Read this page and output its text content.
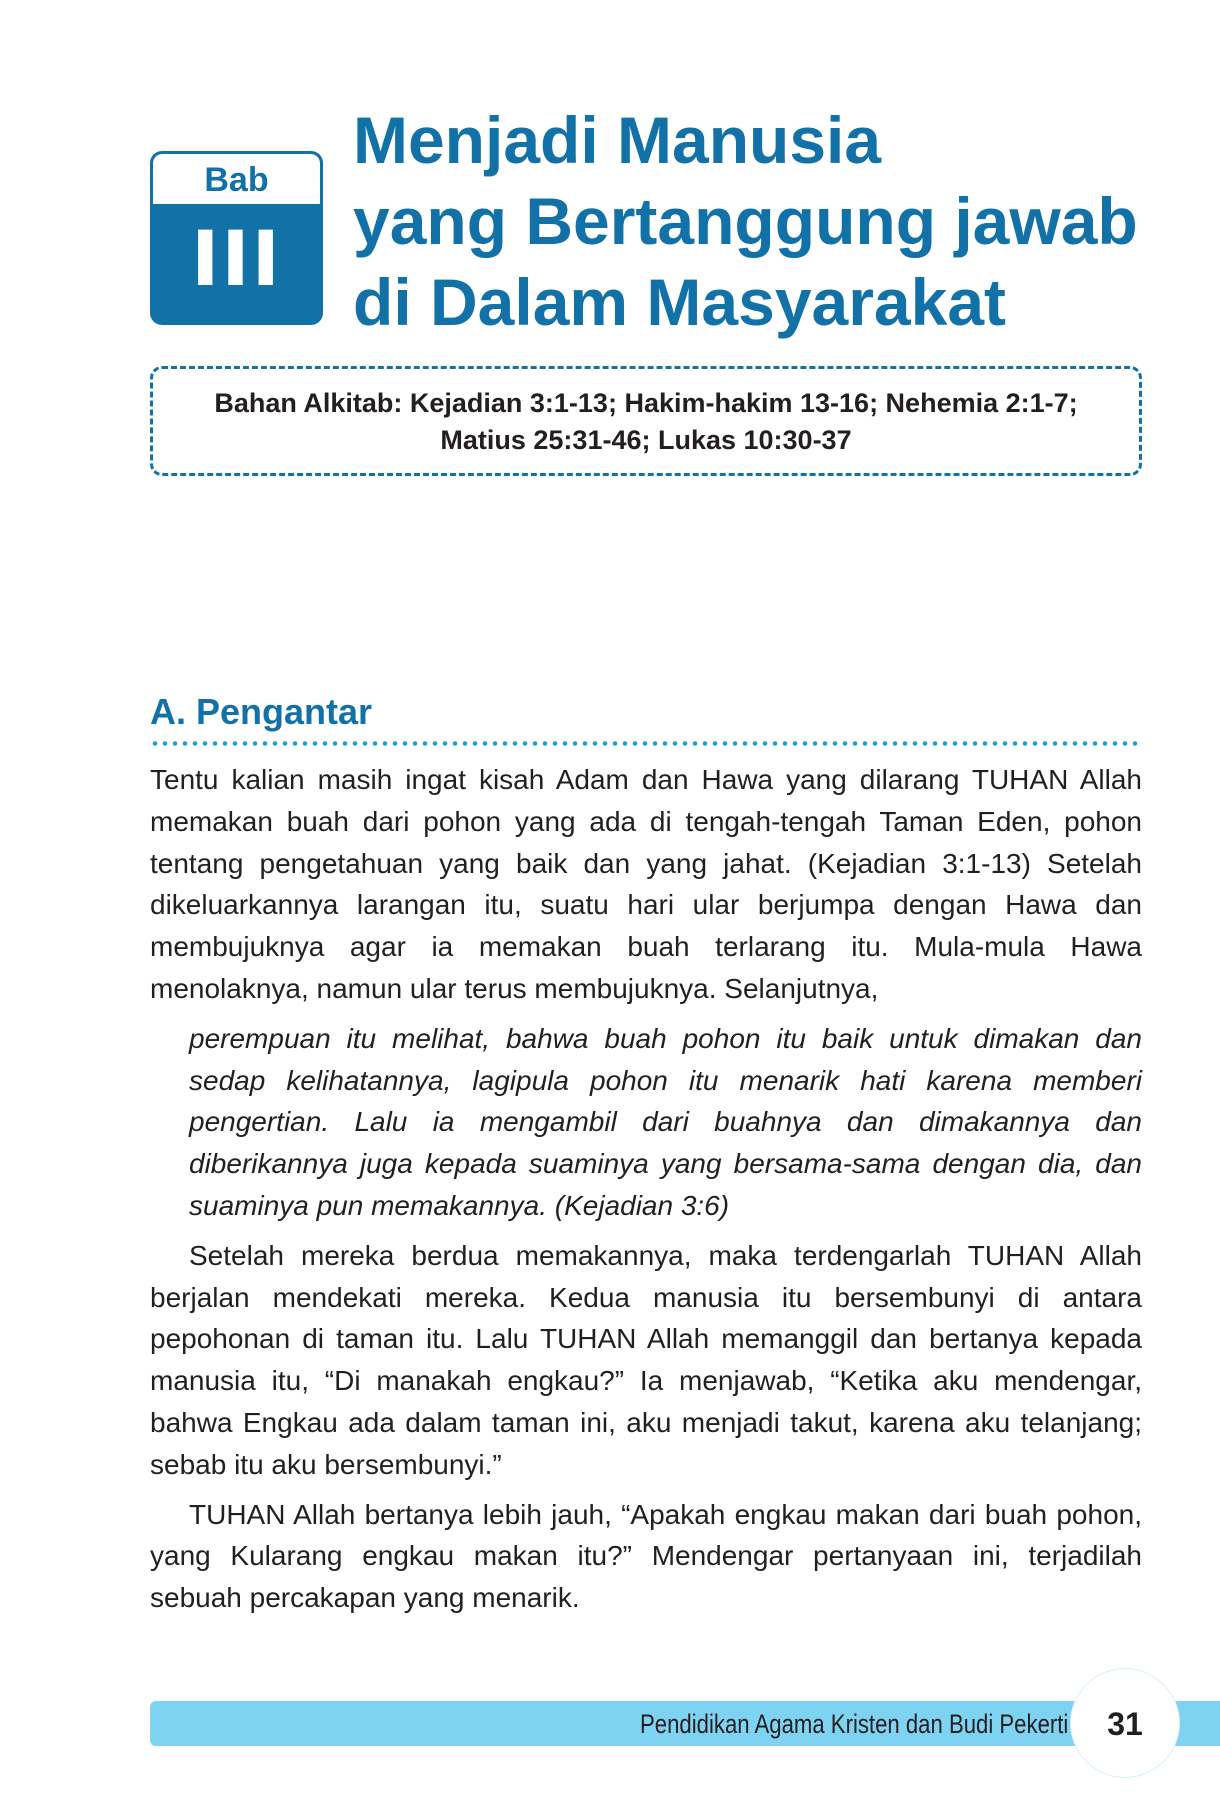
Bab
III
Menjadi Manusia
yang Bertanggung jawab
di Dalam Masyarakat
Bahan Alkitab: Kejadian 3:1-13; Hakim-hakim 13-16; Nehemia 2:1-7;
Matius 25:31-46; Lukas 10:30-37
A. Pengantar

Tentu kalian masih ingat kisah Adam dan Hawa yang dilarang TUHAN Allah memakan buah dari pohon yang ada di tengah-tengah Taman Eden, pohon tentang pengetahuan yang baik dan yang jahat. (Kejadian 3:1-13) Setelah dikeluarkannya larangan itu, suatu hari ular berjumpa dengan Hawa dan membujuknya agar ia memakan buah terlarang itu. Mula-mula Hawa menolaknya, namun ular terus membujuknya. Selanjutnya,

perempuan itu melihat, bahwa buah pohon itu baik untuk dimakan dan sedap kelihatannya, lagipula pohon itu menarik hati karena memberi pengertian. Lalu ia mengambil dari buahnya dan dimakannya dan diberikannya juga kepada suaminya yang bersama-sama dengan dia, dan suaminya pun memakannya. (Kejadian 3:6)

Setelah mereka berdua memakannya, maka terdengarlah TUHAN Allah berjalan mendekati mereka. Kedua manusia itu bersembunyi di antara pepohonan di taman itu. Lalu TUHAN Allah memanggil dan bertanya kepada manusia itu, “Di manakah engkau?” Ia menjawab, “Ketika aku mendengar, bahwa Engkau ada dalam taman ini, aku menjadi takut, karena aku telanjang; sebab itu aku bersembunyi.”

TUHAN Allah bertanya lebih jauh, “Apakah engkau makan dari buah pohon, yang Kularang engkau makan itu?” Mendengar pertanyaan ini, terjadilah sebuah percakapan yang menarik.

Pendidikan Agama Kristen dan Budi Pekerti	31
